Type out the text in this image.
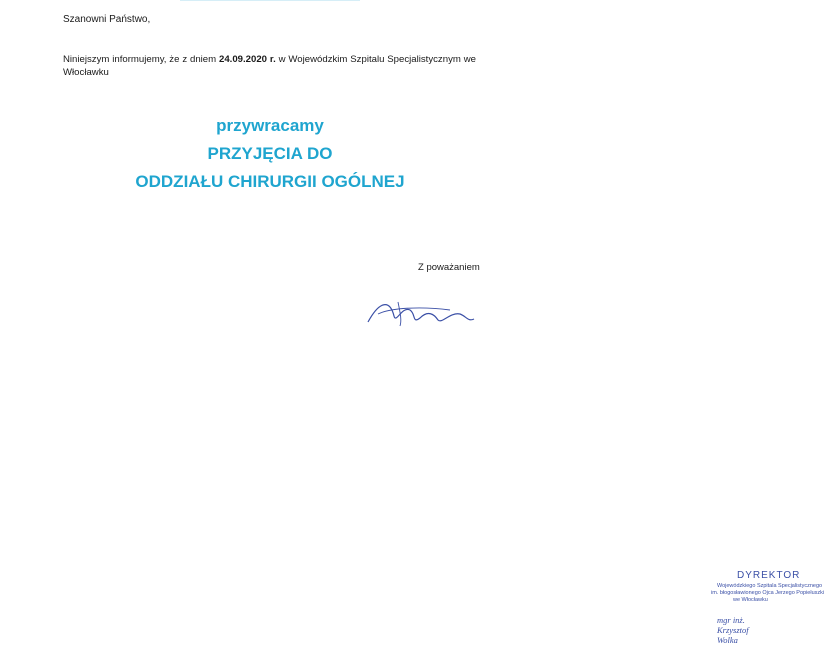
Szanowni Państwo,
Niniejszym informujemy, że z dniem 24.09.2020 r. w Wojewódzkim Szpitalu Specjalistycznym we Włocławku
przywracamy
PRZYJĘCIA DO
ODDZIAŁU CHIRURGII OGÓLNEJ
Z poważaniem
DYREKTOR
Wojewódzkiego Szpitala Specjalistycznego
im. błogosławionego Ojca Jerzego Popiełuszki
we Włocławku
mgr inż. Krzysztof Wolka
